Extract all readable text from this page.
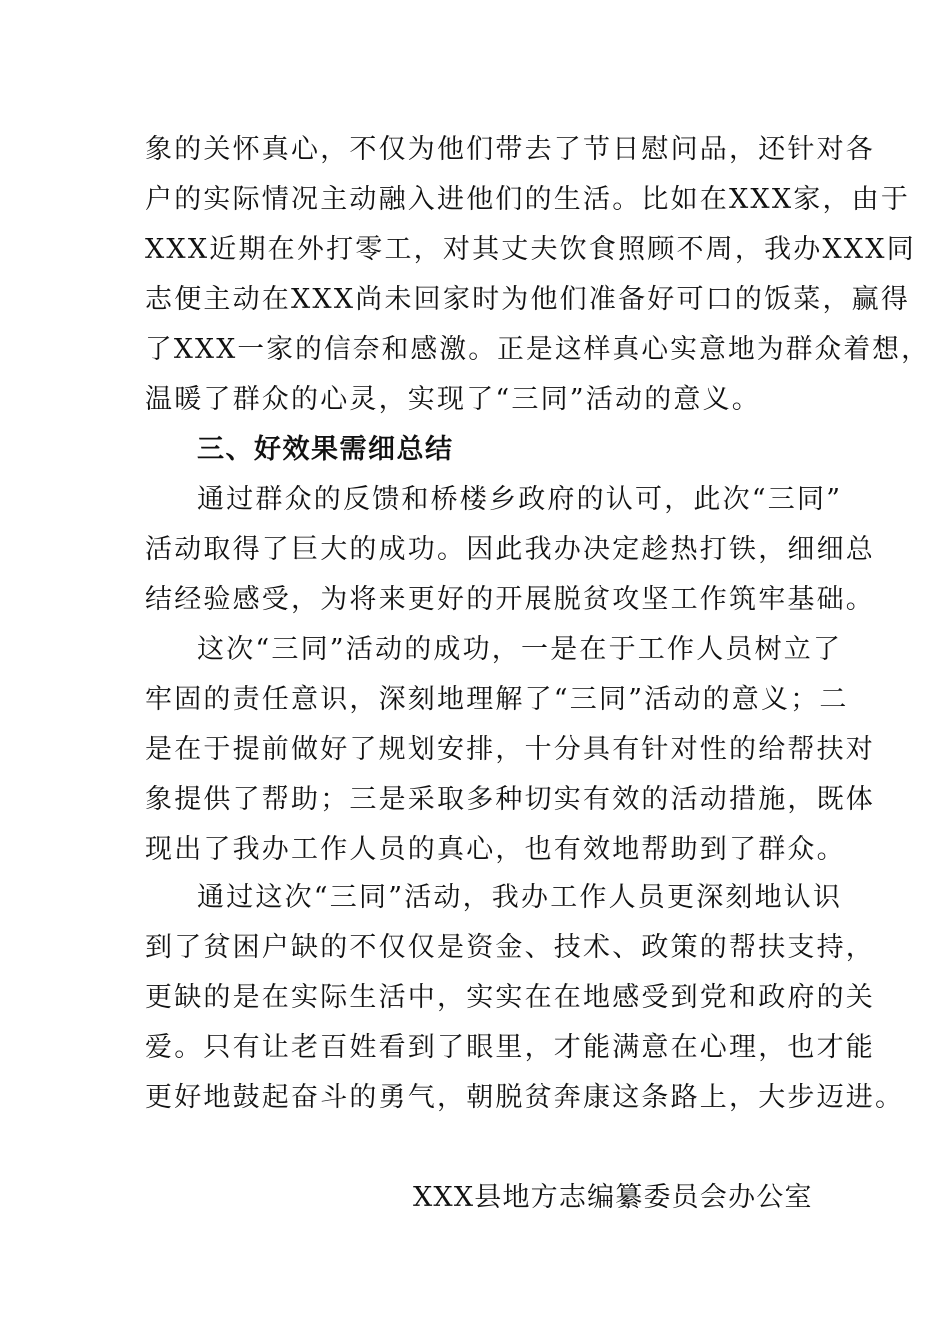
象的关怀真心，不仅为他们带去了节日慰问品，还针对各
户的实际情况主动融入进他们的生活。比如在XXX家，由于
XXX近期在外打零工，对其丈夫饮食照顾不周，我办XXX同
志便主动在XXX尚未回家时为他们准备好可口的饭菜，赢得
了XXX一家的信奈和感激。正是这样真心实意地为群众着想，
温暖了群众的心灵，实现了“三同”活动的意义。
三、好效果需细总结
通过群众的反馈和桥楼乡政府的认可，此次“三同”
活动取得了巨大的成功。因此我办决定趁热打铁，细细总
结经验感受，为将来更好的开展脱贫攻坚工作筑牢基础。
这次“三同”活动的成功，一是在于工作人员树立了
牢固的责任意识，深刻地理解了“三同”活动的意义；二
是在于提前做好了规划安排，十分具有针对性的给帮扶对
象提供了帮助；三是采取多种切实有效的活动措施，既体
现出了我办工作人员的真心，也有效地帮助到了群众。
通过这次“三同”活动，我办工作人员更深刻地认识
到了贫困户缺的不仅仅是资金、技术、政策的帮扶支持，
更缺的是在实际生活中，实实在在地感受到党和政府的关
爱。只有让老百姓看到了眼里，才能满意在心理，也才能
更好地鼓起奋斗的勇气，朝脱贫奔康这条路上，大步迈进。
XXX县地方志编纂委员会办公室
